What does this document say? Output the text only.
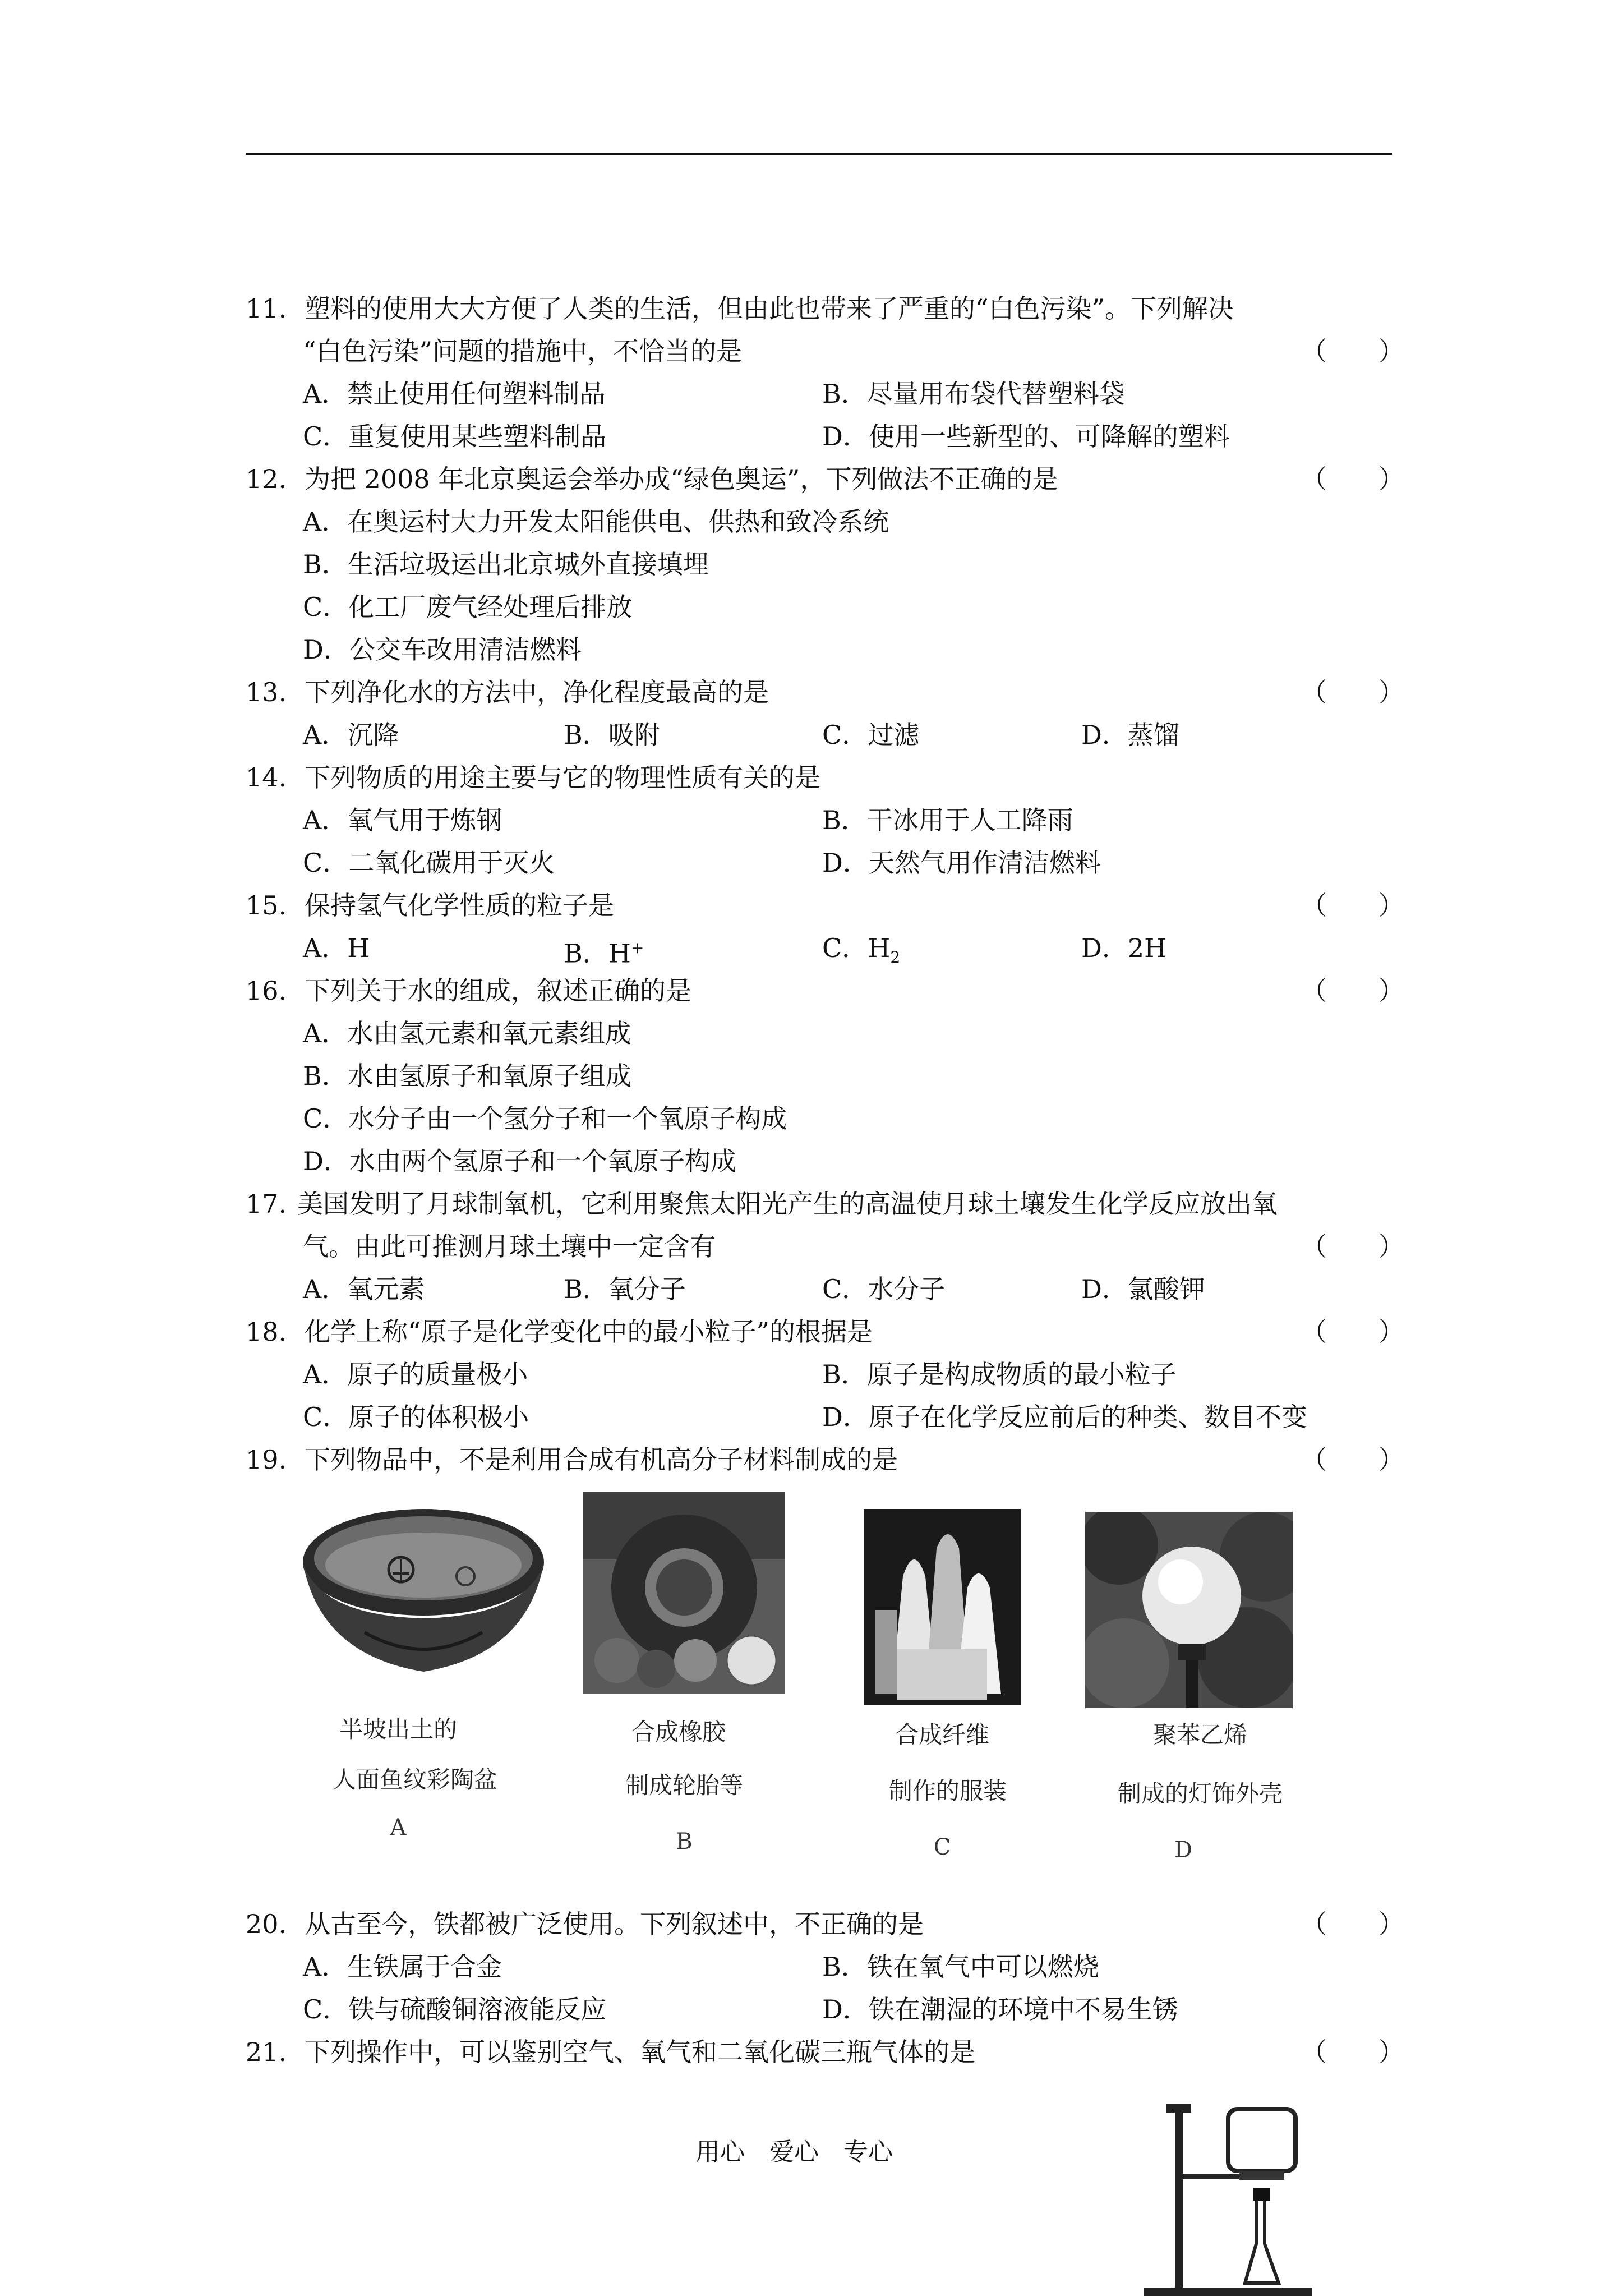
11. 塑料的使用大大方便了人类的生活，但由此也带来了严重的“白色污染”。下列解决
“白色污染”问题的措施中，不恰当的是	（　　）
A．禁止使用任何塑料制品	B．尽量用布袋代替塑料袋
C．重复使用某些塑料制品	D．使用一些新型的、可降解的塑料
12. 为把 2008 年北京奥运会举办成“绿色奥运”，下列做法不正确的是	（　　）
A．在奥运村大力开发太阳能供电、供热和致冷系统
B．生活垃圾运出北京城外直接填埋
C．化工厂废气经处理后排放
D．公交车改用清洁燃料
13. 下列净化水的方法中，净化程度最高的是	（　　）
A．沉降	B．吸附	C．过滤	D．蒸馏
14. 下列物质的用途主要与它的物理性质有关的是
A．氧气用于炼钢	B．干冰用于人工降雨
C．二氧化碳用于灭火	D．天然气用作清洁燃料
15. 保持氢气化学性质的粒子是	（　　）
A．H	B．H+	C．$H_2$	D．2H
16. 下列关于水的组成，叙述正确的是	（　　）
A．水由氢元素和氧元素组成
B．水由氢原子和氧原子组成
C．水分子由一个氢分子和一个氧原子构成
D．水由两个氢原子和一个氧原子构成
17. 美国发明了月球制氧机，它利用聚焦太阳光产生的高温使月球土壤发生化学反应放出氧
气。由此可推测月球土壤中一定含有	（　　）
A．氧元素	B．氧分子	C．水分子	D．氯酸钾
18. 化学上称“原子是化学变化中的最小粒子”的根据是	（　　）
A．原子的质量极小	B．原子是构成物质的最小粒子
C．原子的体积极小	D．原子在化学反应前后的种类、数目不变
19. 下列物品中，不是利用合成有机高分子材料制成的是	（　　）
半坡出土的
人面鱼纹彩陶盆
A
合成橡胶
制成轮胎等
B
合成纤维
制作的服装
C
聚苯乙烯
制成的灯饰外壳
D
20. 从古至今，铁都被广泛使用。下列叙述中，不正确的是	（　　）
A．生铁属于合金	B．铁在氧气中可以燃烧
C．铁与硫酸铜溶液能反应	D．铁在潮湿的环境中不易生锈
21. 下列操作中，可以鉴别空气、氧气和二氧化碳三瓶气体的是	（　　）
用心　爱心　专心
